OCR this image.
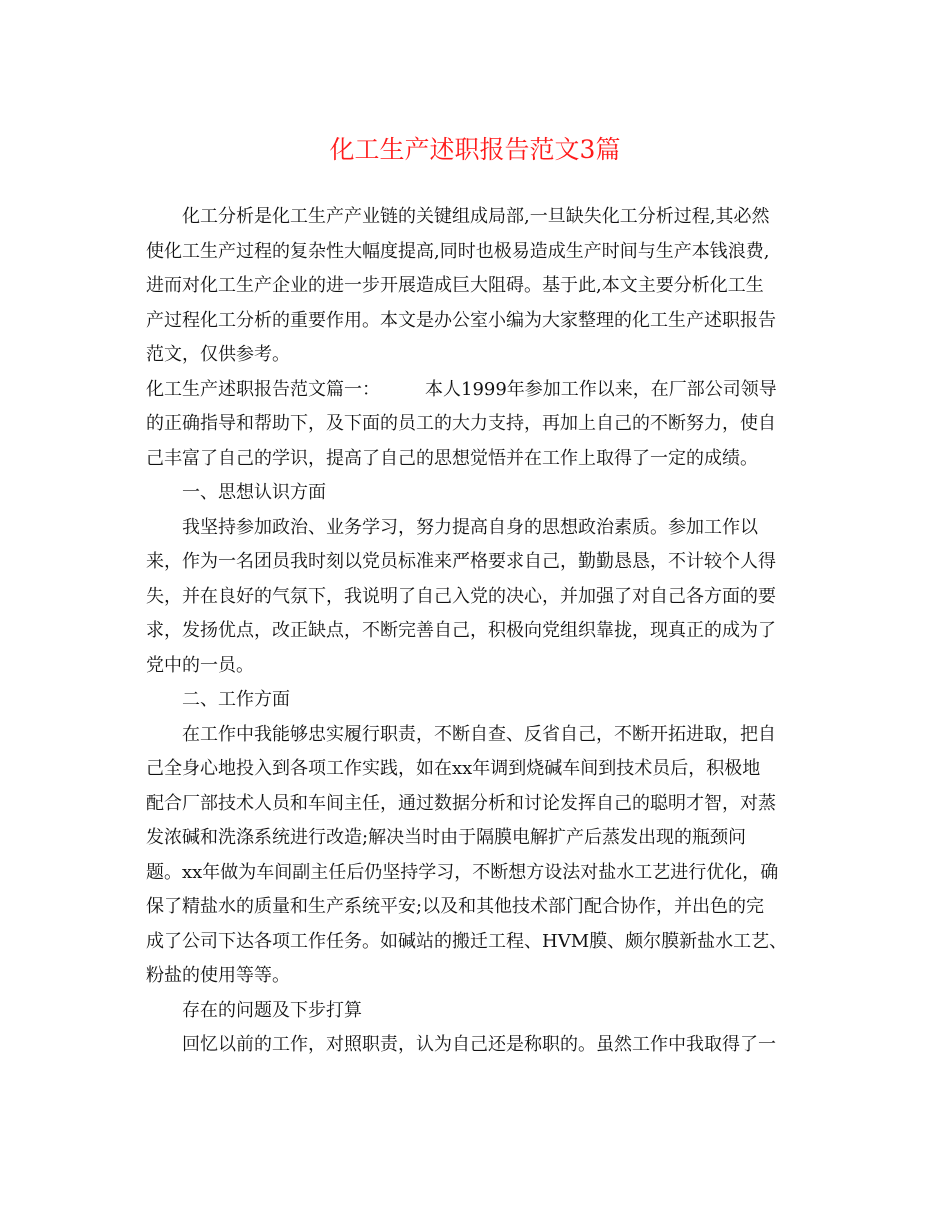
化工生产述职报告范文3篇

　　化工分析是化工生产产业链的关键组成局部,一旦缺失化工分析过程,其必然

使化工生产过程的复杂性大幅度提高,同时也极易造成生产时间与生产本钱浪费,

进而对化工生产企业的进一步开展造成巨大阻碍。基于此,本文主要分析化工生

产过程化工分析的重要作用。本文是办公室小编为大家整理的化工生产述职报告

范文，仅供参考。

化工生产述职报告范文篇一：　　　本人1999年参加工作以来，在厂部公司领导

的正确指导和帮助下，及下面的员工的大力支持，再加上自己的不断努力，使自

己丰富了自己的学识，提高了自己的思想觉悟并在工作上取得了一定的成绩。

　　一、思想认识方面

　　我坚持参加政治、业务学习，努力提高自身的思想政治素质。参加工作以

来，作为一名团员我时刻以党员标准来严格要求自己，勤勤恳恳，不计较个人得

失，并在良好的气氛下，我说明了自己入党的决心，并加强了对自己各方面的要

求，发扬优点，改正缺点，不断完善自己，积极向党组织靠拢，现真正的成为了

党中的一员。

　　二、工作方面

　　在工作中我能够忠实履行职责，不断自查、反省自己，不断开拓进取，把自

己全身心地投入到各项工作实践，如在xx年调到烧碱车间到技术员后，积极地

配合厂部技术人员和车间主任，通过数据分析和讨论发挥自己的聪明才智，对蒸

发浓碱和洗涤系统进行改造;解决当时由于隔膜电解扩产后蒸发出现的瓶颈问

题。xx年做为车间副主任后仍坚持学习，不断想方设法对盐水工艺进行优化，确

保了精盐水的质量和生产系统平安;以及和其他技术部门配合协作，并出色的完

成了公司下达各项工作任务。如碱站的搬迁工程、HVM膜、颇尔膜新盐水工艺、

粉盐的使用等等。

　　存在的问题及下步打算

　　回忆以前的工作，对照职责，认为自己还是称职的。虽然工作中我取得了一
